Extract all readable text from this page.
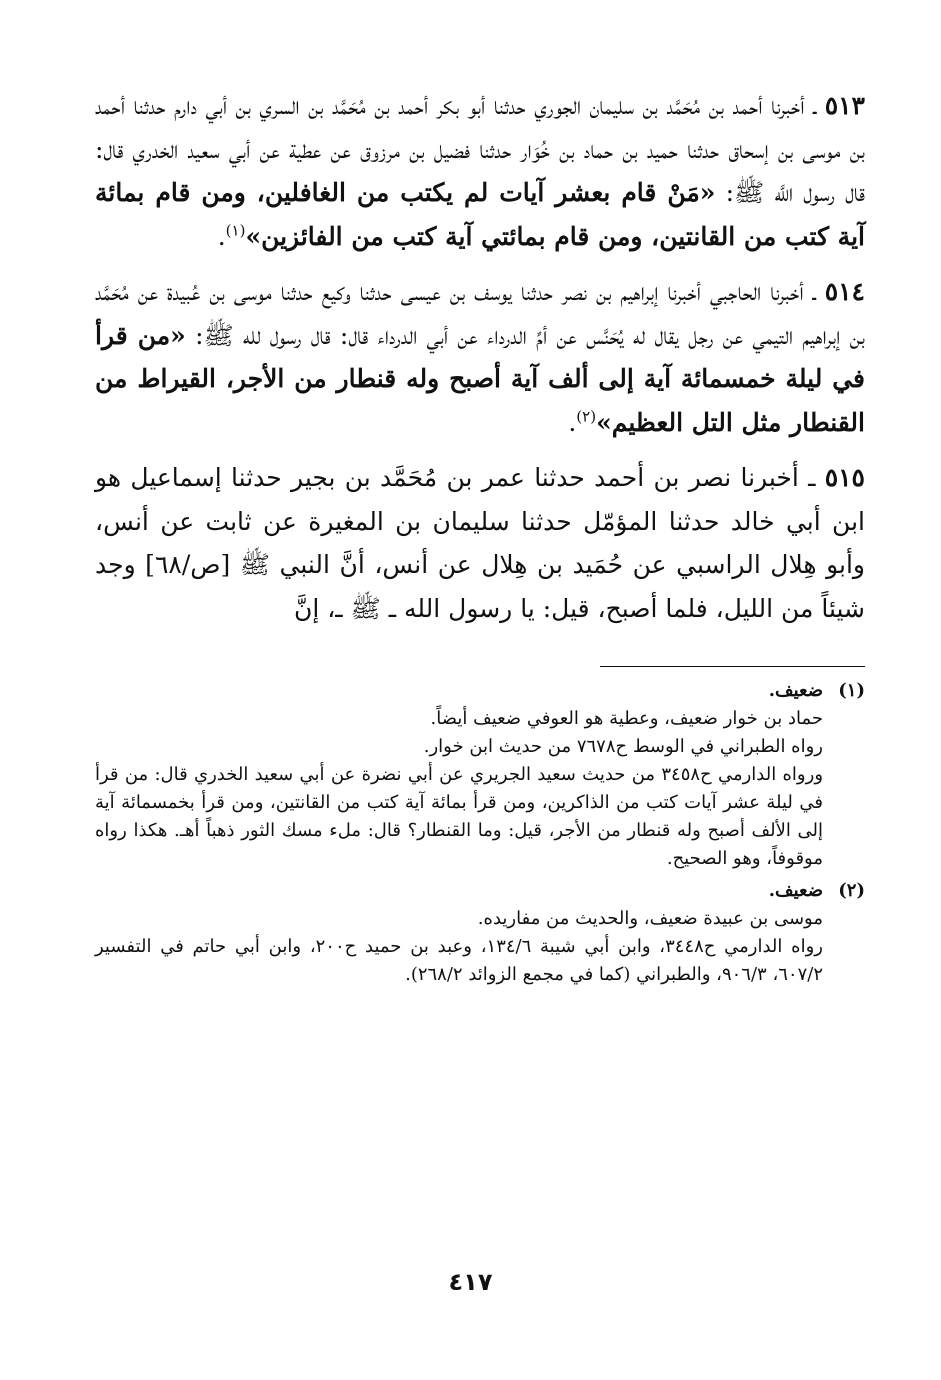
٥١٣ ـ أخبرنا أحمد بن مُحَمَّد بن سليمان الجوري حدثنا أبو بكر أحمد بن مُحَمَّد بن السري بن أبي دارم حدثنا أحمد بن موسى بن إسحاق حدثنا حميد بن حماد بن خُوَار حدثنا فضيل بن مرزوق عن عطية عن أبي سعيد الخدري قال: قال رسول اللَّه ﷺ: «مَنْ قام بعشر آيات لم يكتب من الغافلين، ومن قام بمائة آية كتب من القانتين، ومن قام بمائتي آية كتب من الفائزين»$^{(١)}$.

٥١٤ ـ أخبرنا الحاجبي أخبرنا إبراهيم بن نصر حدثنا يوسف بن عيسى حدثنا وكيع حدثنا موسى بن عُبيدة عن مُحَمَّد بن إبراهيم التيمي عن رجل يقال له يُحَنَّس عن أمِّ الدرداء عن أبي الدرداء قال: قال رسول لله ﷺ: «من قرأ في ليلة خمسمائة آية إلى ألف آية أصبح وله قنطار من الأجر، القيراط من القنطار مثل التل العظيم»$^{(٢)}$.

٥١٥ ـ أخبرنا نصر بن أحمد حدثنا عمر بن مُحَمَّد بن بجير حدثنا إسماعيل هو ابن أبي خالد حدثنا المؤمّل حدثنا سليمان بن المغيرة عن ثابت عن أنس، وأبو هِلال الراسبي عن حُمَيد بن هِلال عن أنس، أنَّ النبي ﷺ [ص/٦٨] وجد شيئاً من الليل، فلما أصبح، قيل: يا رسول الله ـ ﷺ ـ، إنَّ

(١)ضعيف.
حماد بن خوار ضعيف، وعطية هو العوفي ضعيف أيضاً.
رواه الطبراني في الوسط ح٧٦٧٨ من حديث ابن خوار.
ورواه الدارمي ح٣٤٥٨ من حديث سعيد الجريري عن أبي نضرة عن أبي سعيد الخدري قال: من قرأ في ليلة عشر آيات كتب من الذاكرين، ومن قرأ بمائة آية كتب من القانتين، ومن قرأ بخمسمائة آية إلى الألف أصبح وله قنطار من الأجر، قيل: وما القنطار؟ قال: ملء مسك الثور ذهباً أهـ. هكذا رواه موقوفاً، وهو الصحيح.
(٢)ضعيف.
موسى بن عبيدة ضعيف، والحديث من مفاريده.
رواه الدارمي ح٣٤٤٨، وابن أبي شيبة ١٣٤/٦، وعبد بن حميد ح٢٠٠، وابن أبي حاتم في التفسير ٦٠٧/٢، ٩٠٦/٣، والطبراني (كما في مجمع الزوائد ٢٦٨/٢).
٤١٧
